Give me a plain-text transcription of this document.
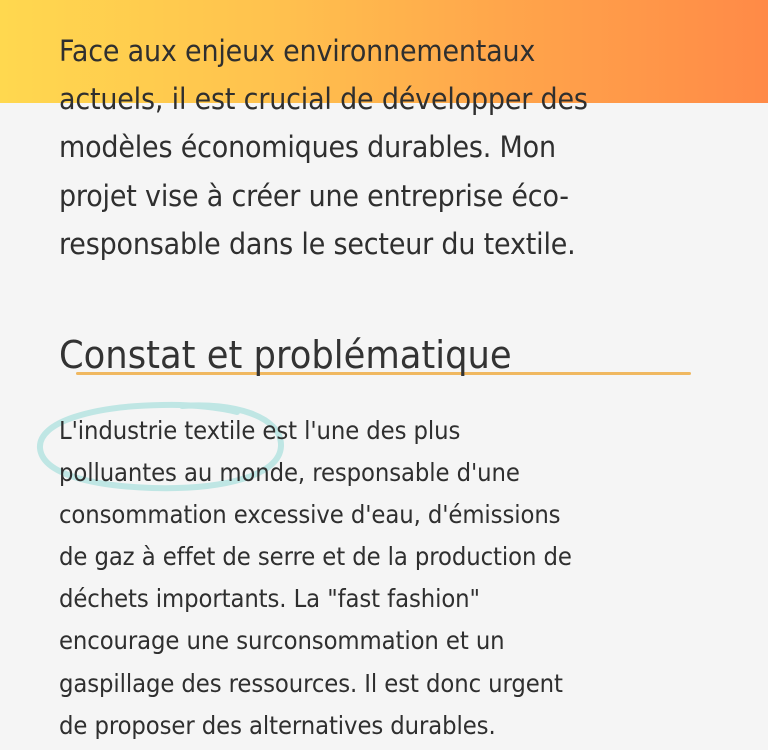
Face aux enjeux environnementaux
actuels, il est crucial de développer des
modèles économiques durables. Mon
projet vise à créer une entreprise éco-
responsable dans le secteur du textile.
Constat et problématique
L'industrie textile est l'une des plus
polluantes au monde, responsable d'une
consommation excessive d'eau, d'émissions
de gaz à effet de serre et de la production de
déchets importants. La "fast fashion"
encourage une surconsommation et un
gaspillage des ressources. Il est donc urgent
de proposer des alternatives durables.
